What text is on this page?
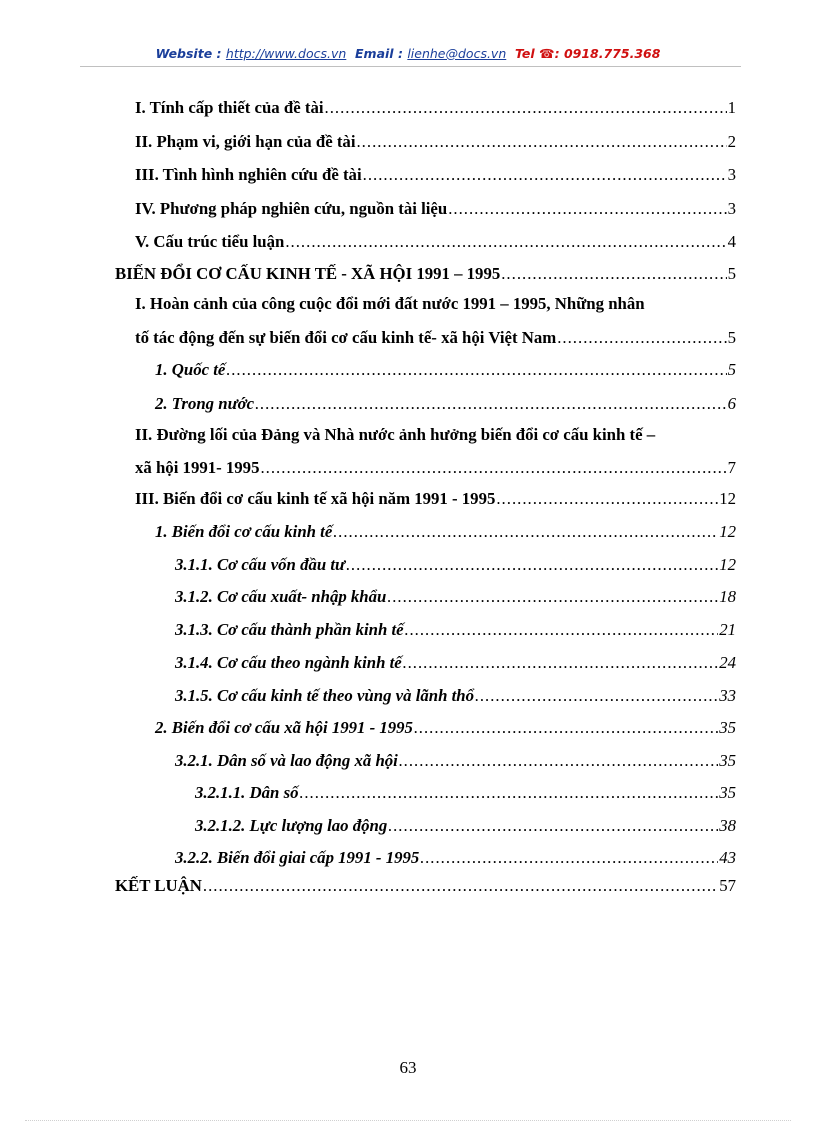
Website : http://www.docs.vn Email : lienhe@docs.vn Tel ☎: 0918.775.368
I. Tính cấp thiết của đề tài .....	1
II. Phạm vi, giới hạn của đề tài .....	2
III. Tình hình nghiên cứu đề tài .....	3
IV. Phương pháp nghiên cứu, nguồn tài liệu .....	3
V. Cấu trúc tiểu luận .....	4
BIẾN ĐỔI CƠ CẤU KINH TẾ - XÃ HỘI 1991 – 1995 .....	5
I. Hoàn cảnh của công cuộc đổi mới đất nước 1991 – 1995, Những nhân
tố tác động đến sự biến đổi cơ cấu kinh tế- xã hội Việt Nam .....	5
1. Quốc tế .....	5
2. Trong nước .....	6
II. Đường lối của Đảng và Nhà nước ảnh hưởng biến đổi cơ cấu kinh tế –
xã hội 1991- 1995 .....	7
III. Biến đổi cơ cấu kinh tế xã hội năm 1991 - 1995 .....	12
1. Biến đổi cơ cấu kinh tế .....	12
3.1.1. Cơ cấu vốn đầu tư .....	12
3.1.2. Cơ cấu xuất- nhập khẩu .....	18
3.1.3. Cơ cấu thành phần kinh tế .....	21
3.1.4. Cơ cấu theo ngành kinh tế .....	24
3.1.5. Cơ cấu kinh tế theo vùng và lãnh thổ .....	33
2. Biến đổi cơ cấu xã hội 1991 - 1995 .....	35
3.2.1. Dân số và lao động xã hội .....	35
3.2.1.1. Dân số .....	35
3.2.1.2. Lực lượng lao động .....	38
3.2.2. Biến đổi giai cấp 1991 - 1995 .....	43
KẾT LUẬN .....	57
63
